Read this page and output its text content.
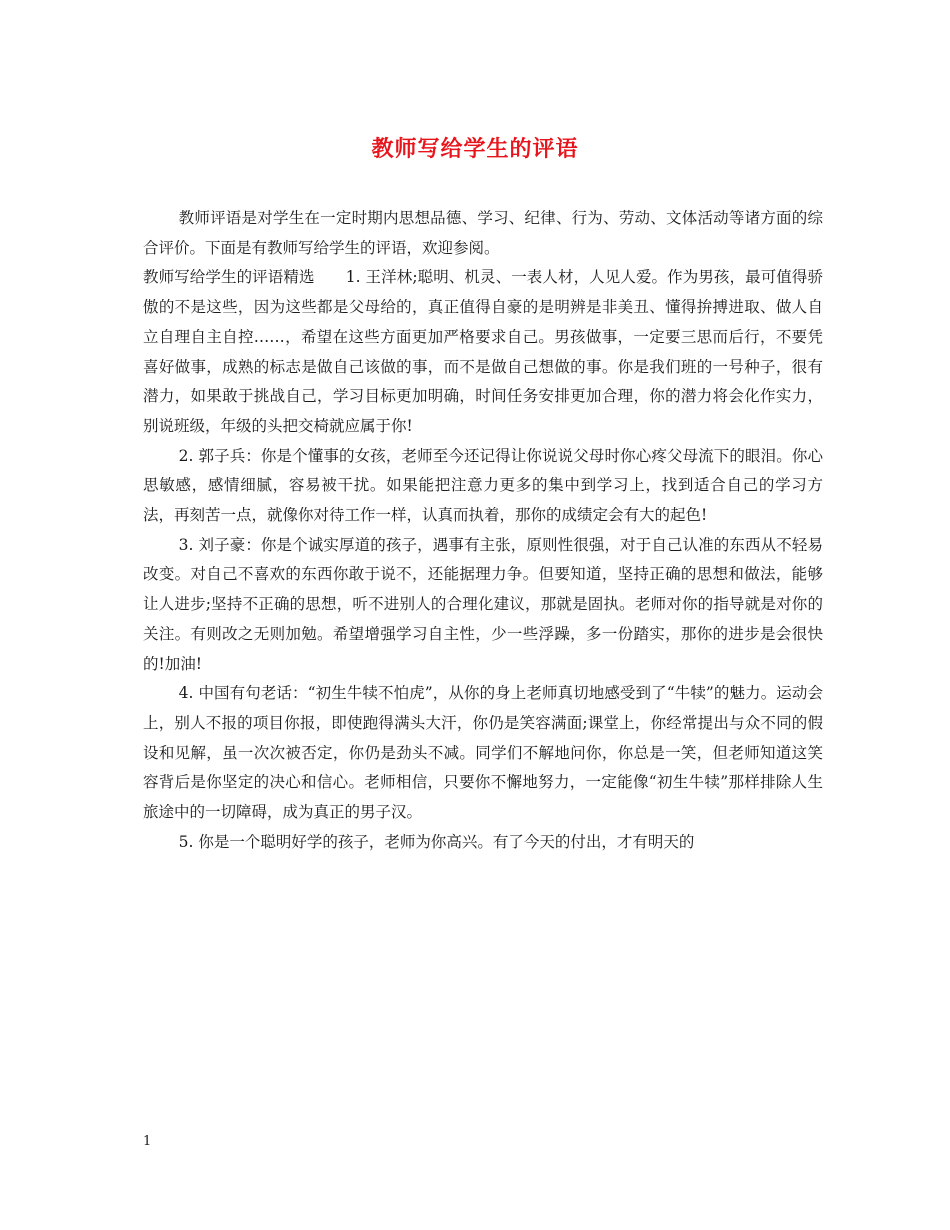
教师写给学生的评语

教师评语是对学生在一定时期内思想品德、学习、纪律、行为、劳动、文体活动等诸方面的综合评价。下面是有教师写给学生的评语，欢迎参阅。

教师写给学生的评语精选　　1. 王洋林;聪明、机灵、一表人材，人见人爱。作为男孩，最可值得骄傲的不是这些，因为这些都是父母给的，真正值得自豪的是明辨是非美丑、懂得拚搏进取、做人自立自理自主自控……，希望在这些方面更加严格要求自己。男孩做事，一定要三思而后行，不要凭喜好做事，成熟的标志是做自己该做的事，而不是做自己想做的事。你是我们班的一号种子，很有潜力，如果敢于挑战自己，学习目标更加明确，时间任务安排更加合理，你的潜力将会化作实力，别说班级，年级的头把交椅就应属于你!

2. 郭子兵：你是个懂事的女孩，老师至今还记得让你说说父母时你心疼父母流下的眼泪。你心思敏感，感情细腻，容易被干扰。如果能把注意力更多的集中到学习上，找到适合自己的学习方法，再刻苦一点，就像你对待工作一样，认真而执着，那你的成绩定会有大的起色!

3. 刘子豪：你是个诚实厚道的孩子，遇事有主张，原则性很强，对于自己认准的东西从不轻易改变。对自己不喜欢的东西你敢于说不，还能据理力争。但要知道，坚持正确的思想和做法，能够让人进步;坚持不正确的思想，听不进别人的合理化建议，那就是固执。老师对你的指导就是对你的关注。有则改之无则加勉。希望增强学习自主性，少一些浮躁，多一份踏实，那你的进步是会很快的!加油!

4. 中国有句老话：“初生牛犊不怕虎”，从你的身上老师真切地感受到了“牛犊”的魅力。运动会上，别人不报的项目你报，即使跑得满头大汗，你仍是笑容满面;课堂上，你经常提出与众不同的假设和见解，虽一次次被否定，你仍是劲头不减。同学们不解地问你，你总是一笑，但老师知道这笑容背后是你坚定的决心和信心。老师相信，只要你不懈地努力，一定能像“初生牛犊”那样排除人生旅途中的一切障碍，成为真正的男子汉。

5. 你是一个聪明好学的孩子，老师为你高兴。有了今天的付出，才有明天的

1
